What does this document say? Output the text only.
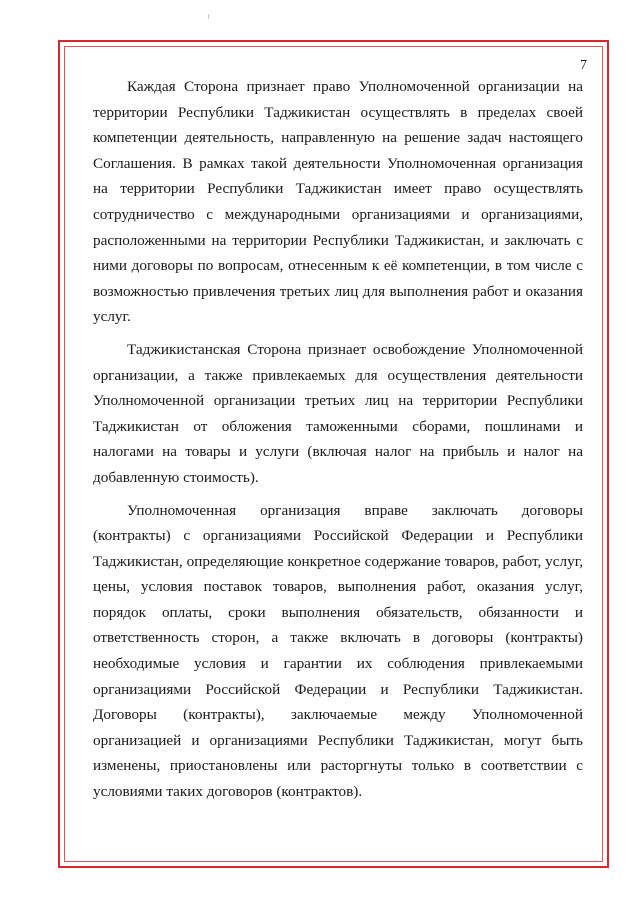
7

Каждая Сторона признает право Уполномоченной организации на территории Республики Таджикистан осуществлять в пределах своей компетенции деятельность, направленную на решение задач настоящего Соглашения. В рамках такой деятельности Уполномоченная организация на территории Республики Таджикистан имеет право осуществлять сотрудничество с международными организациями и организациями, расположенными на территории Республики Таджикистан, и заключать с ними договоры по вопросам, отнесенным к её компетенции, в том числе с возможностью привлечения третьих лиц для выполнения работ и оказания услуг.

Таджикистанская Сторона признает освобождение Уполномоченной организации, а также привлекаемых для осуществления деятельности Уполномоченной организации третьих лиц на территории Республики Таджикистан от обложения таможенными сборами, пошлинами и налогами на товары и услуги (включая налог на прибыль и налог на добавленную стоимость).

Уполномоченная организация вправе заключать договоры (контракты) с организациями Российской Федерации и Республики Таджикистан, определяющие конкретное содержание товаров, работ, услуг, цены, условия поставок товаров, выполнения работ, оказания услуг, порядок оплаты, сроки выполнения обязательств, обязанности и ответственность сторон, а также включать в договоры (контракты) необходимые условия и гарантии их соблюдения привлекаемыми организациями Российской Федерации и Республики Таджикистан. Договоры (контракты), заключаемые между Уполномоченной организацией и организациями Республики Таджикистан, могут быть изменены, приостановлены или расторгнуты только в соответствии с условиями таких договоров (контрактов).
